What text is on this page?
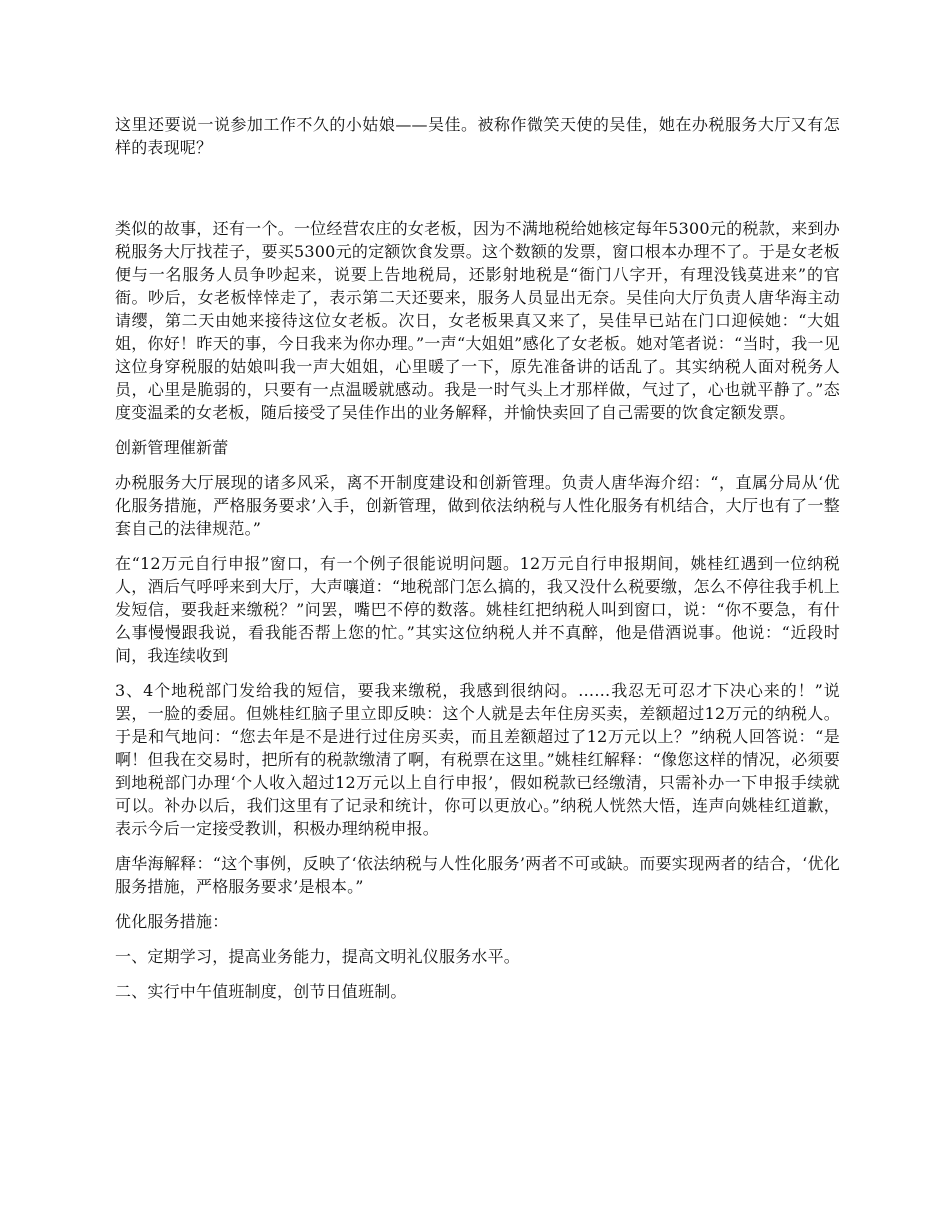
这里还要说一说参加工作不久的小姑娘——吴佳。被称作微笑天使的吴佳，她在办税服务大厅又有怎样的表现呢？

类似的故事，还有一个。一位经营农庄的女老板，因为不满地税给她核定每年5300元的税款，来到办税服务大厅找茬子，要买5300元的定额饮食发票。这个数额的发票，窗口根本办理不了。于是女老板便与一名服务人员争吵起来，说要上告地税局，还影射地税是“衙门八字开，有理没钱莫进来”的官衙。吵后，女老板悻悻走了，表示第二天还要来，服务人员显出无奈。吴佳向大厅负责人唐华海主动请缨，第二天由她来接待这位女老板。次日，女老板果真又来了，吴佳早已站在门口迎候她：“大姐姐，你好！昨天的事，今日我来为你办理。”一声“大姐姐”感化了女老板。她对笔者说：“当时，我一见这位身穿税服的姑娘叫我一声大姐姐，心里暖了一下，原先准备讲的话乱了。其实纳税人面对税务人员，心里是脆弱的，只要有一点温暖就感动。我是一时气头上才那样做，气过了，心也就平静了。”态度变温柔的女老板，随后接受了吴佳作出的业务解释，并愉快卖回了自己需要的饮食定额发票。

创新管理催新蕾

办税服务大厅展现的诸多风采，离不开制度建设和创新管理。负责人唐华海介绍：“，直属分局从‘优化服务措施，严格服务要求’入手，创新管理，做到依法纳税与人性化服务有机结合，大厅也有了一整套自己的法律规范。”

在“12万元自行申报”窗口，有一个例子很能说明问题。12万元自行申报期间，姚桂红遇到一位纳税人，酒后气呼呼来到大厅，大声嚷道：“地税部门怎么搞的，我又没什么税要缴，怎么不停往我手机上发短信，要我赶来缴税？”问罢，嘴巴不停的数落。姚桂红把纳税人叫到窗口，说：“你不要急，有什么事慢慢跟我说，看我能否帮上您的忙。”其实这位纳税人并不真醉，他是借酒说事。他说：“近段时间，我连续收到

3、4个地税部门发给我的短信，要我来缴税，我感到很纳闷。……我忍无可忍才下决心来的！”说罢，一脸的委屈。但姚桂红脑子里立即反映：这个人就是去年住房买卖，差额超过12万元的纳税人。于是和气地问：“您去年是不是进行过住房买卖，而且差额超过了12万元以上？”纳税人回答说：“是啊！但我在交易时，把所有的税款缴清了啊，有税票在这里。”姚桂红解释：“像您这样的情况，必须要到地税部门办理‘个人收入超过12万元以上自行申报’，假如税款已经缴清，只需补办一下申报手续就可以。补办以后，我们这里有了记录和统计，你可以更放心。”纳税人恍然大悟，连声向姚桂红道歉，表示今后一定接受教训，积极办理纳税申报。

唐华海解释：“这个事例，反映了‘依法纳税与人性化服务’两者不可或缺。而要实现两者的结合，‘优化服务措施，严格服务要求’是根本。”

优化服务措施：

一、定期学习，提高业务能力，提高文明礼仪服务水平。

二、实行中午值班制度，创节日值班制。
